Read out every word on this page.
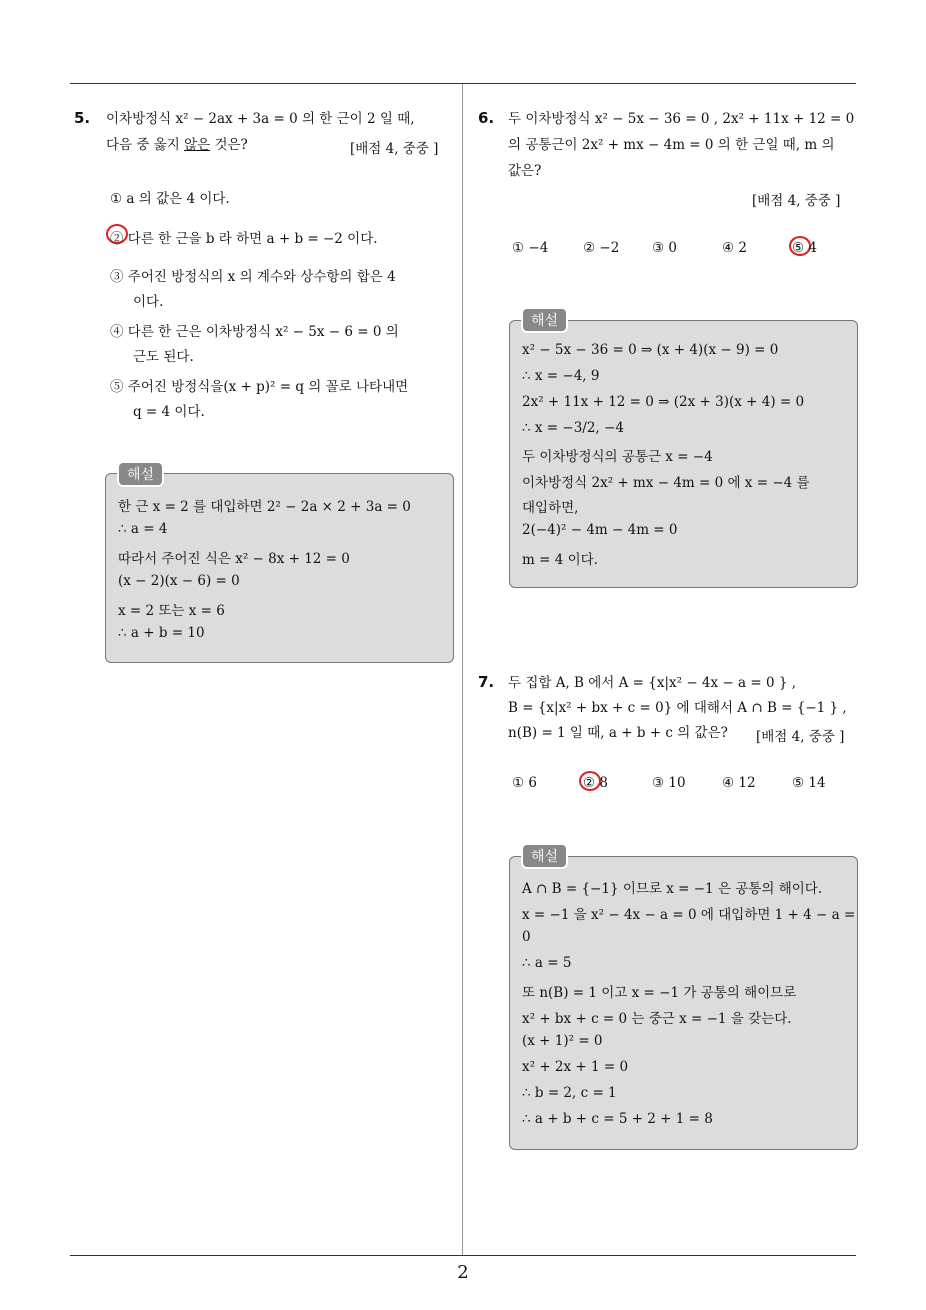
2
5. 이차방정식 x² − 2ax + 3a = 0 의 한 근이 2 일 때,
다음 중 옳지 않은 것은?	[배점 4, 중중 ]
① a 의 값은 4 이다.
② 다른 한 근을 b 라 하면 a + b = −2 이다.
③ 주어진 방정식의 x 의 계수와 상수항의 합은 4
이다.
④ 다른 한 근은 이차방정식 x² − 5x − 6 = 0 의
근도 된다.
⑤ 주어진 방정식을(x + p)² = q 의 꼴로 나타내면
q = 4 이다.
해설
한 근 x = 2 를 대입하면 2² − 2a × 2 + 3a = 0
∴ a = 4
따라서 주어진 식은 x² − 8x + 12 = 0
(x − 2)(x − 6) = 0
x = 2 또는 x = 6
∴ a + b = 10
6. 두 이차방정식 x² − 5x − 36 = 0 , 2x² + 11x + 12 = 0
의 공통근이 2x² + mx − 4m = 0 의 한 근일 때, m 의
값은?
[배점 4, 중중 ]
① −4	② −2 ③ 0	④ 2	⑤ 4
해설
x² − 5x − 36 = 0 ⇒ (x + 4)(x − 9) = 0
∴ x = −4, 9
2x² + 11x + 12 = 0 ⇒ (2x + 3)(x + 4) = 0
∴ x = −3/2, −4
두 이차방정식의 공통근 x = −4
이차방정식 2x² + mx − 4m = 0 에 x = −4 를
대입하면,
2(−4)² − 4m − 4m = 0
m = 4 이다.
7. 두 집합 A, B 에서 A = {x|x² − 4x − a = 0 } ,
B = {x|x² + bx + c = 0} 에 대해서 A ∩ B = {−1 } ,
n(B) = 1 일 때, a + b + c 의 값은? [배점 4, 중중 ]
① 6	② 8	③ 10	④ 12	⑤ 14
해설
A ∩ B = {−1} 이므로 x = −1 은 공통의 해이다.
x = −1 을 x² − 4x − a = 0 에 대입하면 1 + 4 − a =
0
∴ a = 5
또 n(B) = 1 이고 x = −1 가 공통의 해이므로
x² + bx + c = 0 는 중근 x = −1 을 갖는다.
(x + 1)² = 0
x² + 2x + 1 = 0
∴ b = 2, c = 1
∴ a + b + c = 5 + 2 + 1 = 8
